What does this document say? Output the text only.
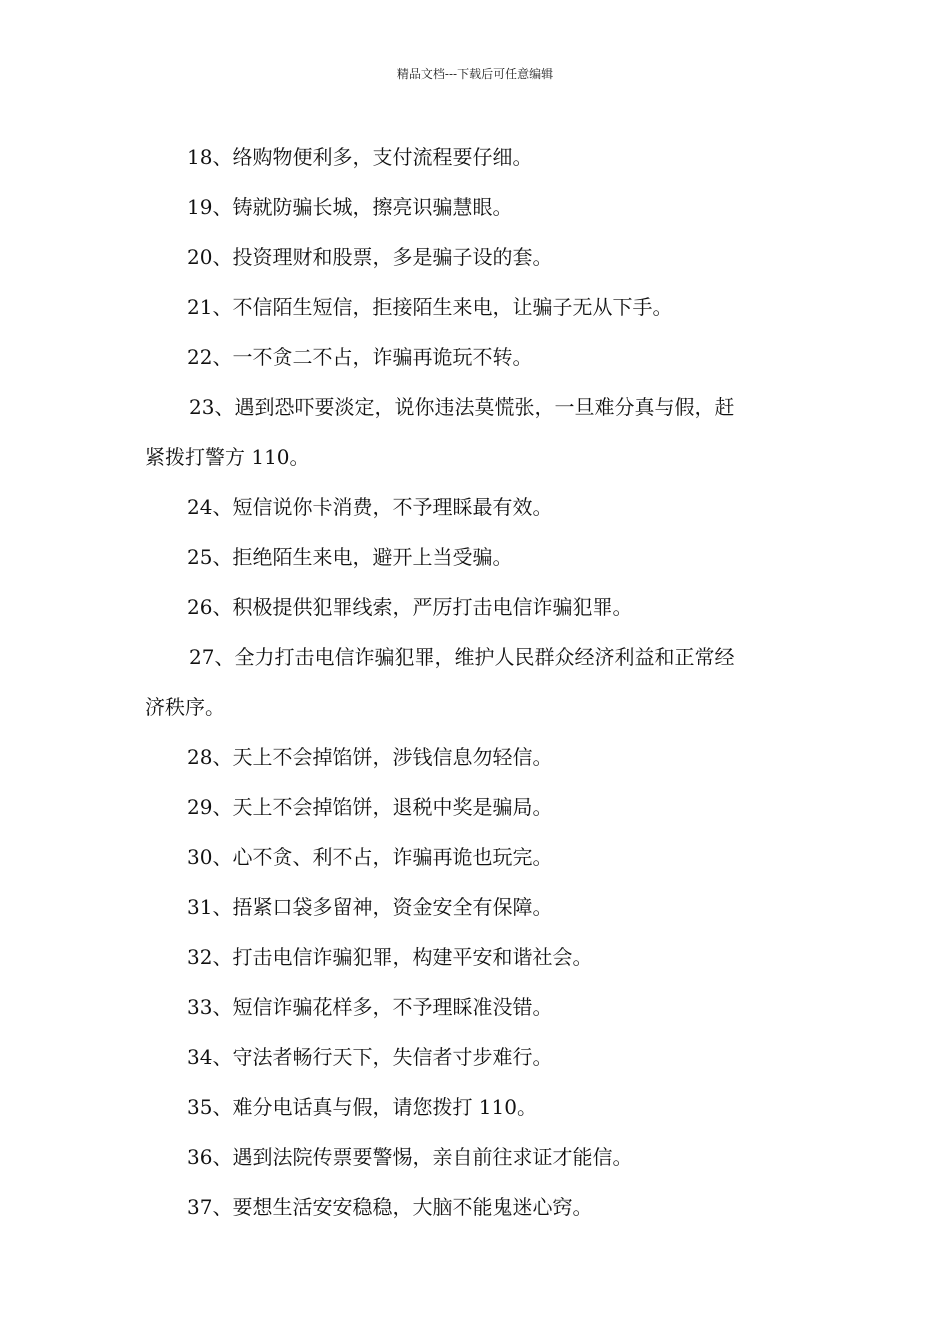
精品文档---下载后可任意编辑
18、络购物便利多，支付流程要仔细。
19、铸就防骗长城，擦亮识骗慧眼。
20、投资理财和股票，多是骗子设的套。
21、不信陌生短信，拒接陌生来电，让骗子无从下手。
22、一不贪二不占，诈骗再诡玩不转。
23、遇到恐吓要淡定，说你违法莫慌张，一旦难分真与假，赶
紧拨打警方 110。
24、短信说你卡消费，不予理睬最有效。
25、拒绝陌生来电，避开上当受骗。
26、积极提供犯罪线索，严厉打击电信诈骗犯罪。
27、全力打击电信诈骗犯罪，维护人民群众经济利益和正常经
济秩序。
28、天上不会掉馅饼，涉钱信息勿轻信。
29、天上不会掉馅饼，退税中奖是骗局。
30、心不贪、利不占，诈骗再诡也玩完。
31、捂紧口袋多留神，资金安全有保障。
32、打击电信诈骗犯罪，构建平安和谐社会。
33、短信诈骗花样多，不予理睬准没错。
34、守法者畅行天下，失信者寸步难行。
35、难分电话真与假，请您拨打 110。
36、遇到法院传票要警惕，亲自前往求证才能信。
37、要想生活安安稳稳，大脑不能鬼迷心窍。
